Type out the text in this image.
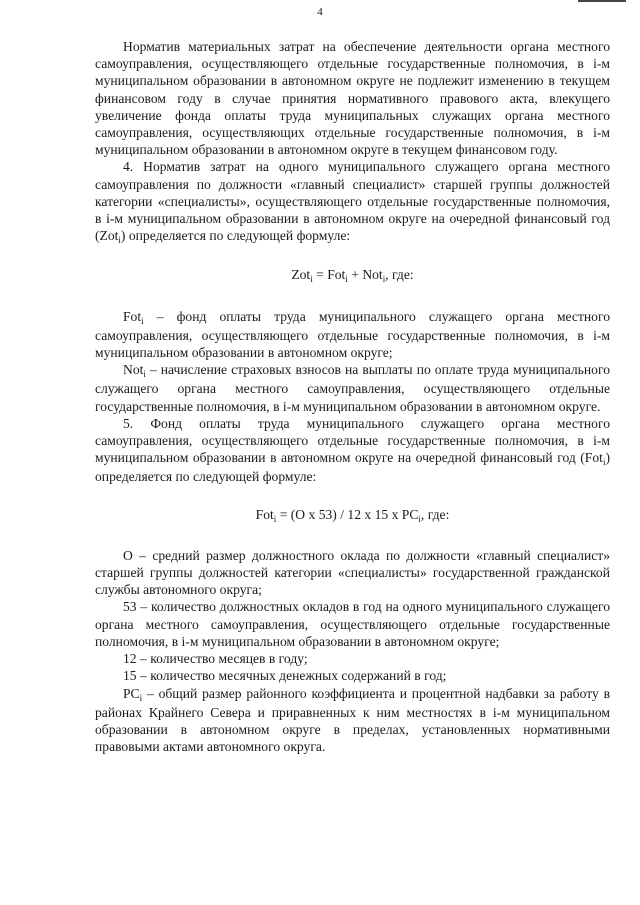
4

Норматив материальных затрат на обеспечение деятельности органа местного самоуправления, осуществляющего отдельные государственные полномочия, в i-м муниципальном образовании в автономном округе не подлежит изменению в текущем финансовом году в случае принятия нормативного правового акта, влекущего увеличение фонда оплаты труда муниципальных служащих органа местного самоуправления, осуществляющих отдельные государственные полномочия, в i-м муниципальном образовании в автономном округе в текущем финансовом году.

4. Норматив затрат на одного муниципального служащего органа местного самоуправления по должности «главный специалист» старшей группы должностей категории «специалисты», осуществляющего отдельные государственные полномочия, в i-м муниципальном образовании в автономном округе на очередной финансовый год (Zot$_i$) определяется по следующей формуле:

Zot$_i$ = Fot$_i$ + Not$_i$, где:

Fot$_i$ – фонд оплаты труда муниципального служащего органа местного самоуправления, осуществляющего отдельные государственные полномочия, в i-м муниципальном образовании в автономном округе;

Not$_i$ – начисление страховых взносов на выплаты по оплате труда муниципального служащего органа местного самоуправления, осуществляющего отдельные государственные полномочия, в i-м муниципальном образовании в автономном округе.

5. Фонд оплаты труда муниципального служащего органа местного самоуправления, осуществляющего отдельные государственные полномочия, в i-м муниципальном образовании в автономном округе на очередной финансовый год (Fot$_i$) определяется по следующей формуле:

Fot$_i$ = (O x 53) / 12 x 15 x $PC_i$, где:

O – средний размер должностного оклада по должности «главный специалист» старшей группы должностей категории «специалисты» государственной гражданской службы автономного округа;

53 – количество должностных окладов в год на одного муниципального служащего органа местного самоуправления, осуществляющего отдельные государственные полномочия, в i-м муниципальном образовании в автономном округе;

12 – количество месяцев в году;

15 – количество месячных денежных содержаний в год;

$PC_i$ – общий размер районного коэффициента и процентной надбавки за работу в районах Крайнего Севера и приравненных к ним местностях в i-м муниципальном образовании в автономном округе в пределах, установленных нормативными правовыми актами автономного округа.
